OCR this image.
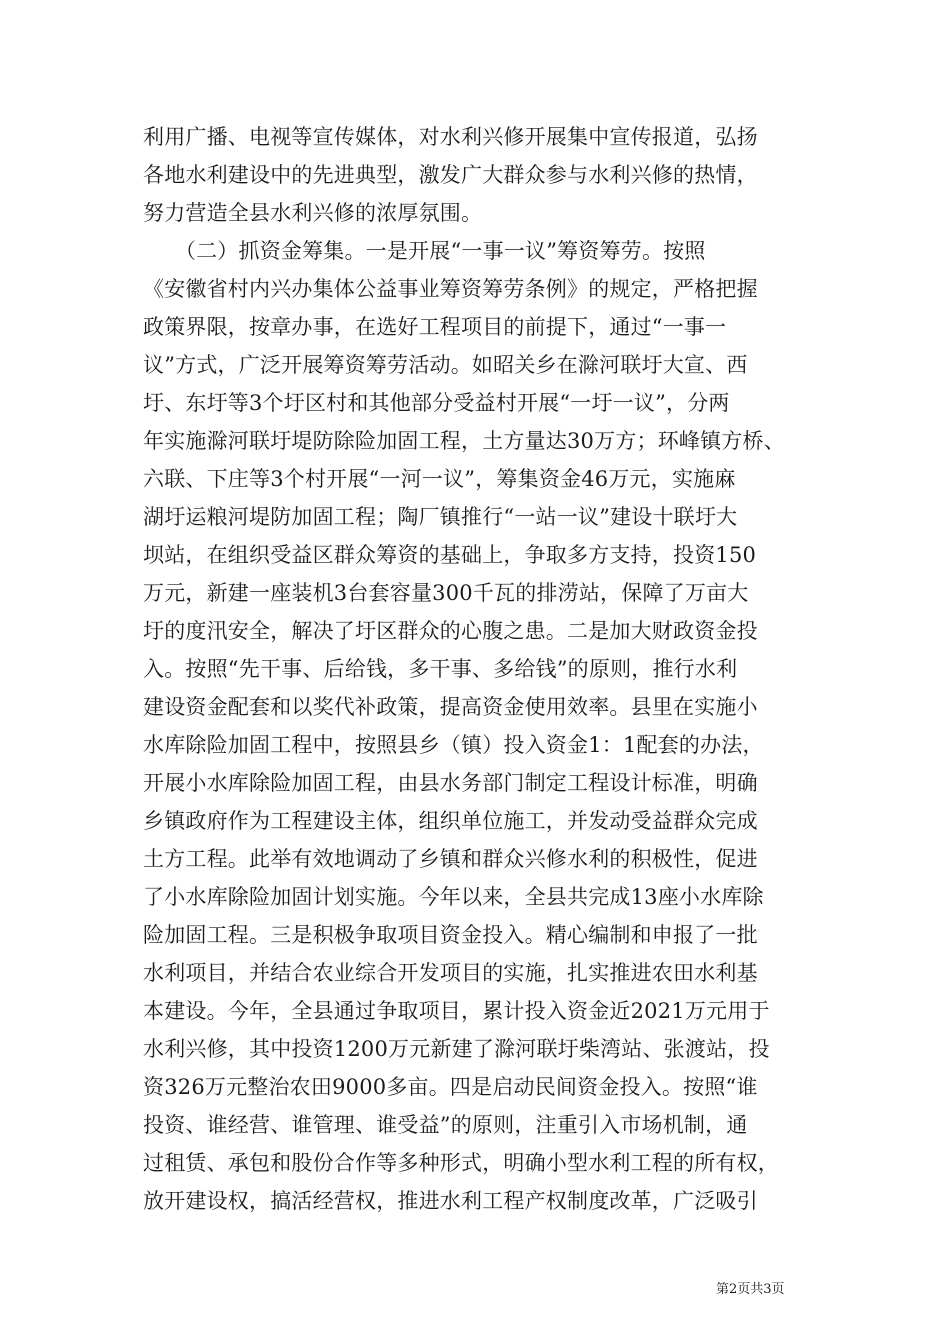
利用广播、电视等宣传媒体，对水利兴修开展集中宣传报道，弘扬
各地水利建设中的先进典型，激发广大群众参与水利兴修的热情，
努力营造全县水利兴修的浓厚氛围。
　　（二）抓资金筹集。一是开展“一事一议”筹资筹劳。按照
《安徽省村内兴办集体公益事业筹资筹劳条例》的规定，严格把握
政策界限，按章办事，在选好工程项目的前提下，通过“一事一
议”方式，广泛开展筹资筹劳活动。如昭关乡在滁河联圩大宣、西
圩、东圩等3个圩区村和其他部分受益村开展“一圩一议”，分两
年实施滁河联圩堤防除险加固工程，土方量达30万方；环峰镇方桥、
六联、下庄等3个村开展“一河一议”，筹集资金46万元，实施麻
湖圩运粮河堤防加固工程；陶厂镇推行“一站一议”建设十联圩大
坝站，在组织受益区群众筹资的基础上，争取多方支持，投资150
万元，新建一座装机3台套容量300千瓦的排涝站，保障了万亩大
圩的度汛安全，解决了圩区群众的心腹之患。二是加大财政资金投
入。按照“先干事、后给钱，多干事、多给钱”的原则，推行水利
建设资金配套和以奖代补政策，提高资金使用效率。县里在实施小
水库除险加固工程中，按照县乡（镇）投入资金1：1配套的办法，
开展小水库除险加固工程，由县水务部门制定工程设计标准，明确
乡镇政府作为工程建设主体，组织单位施工，并发动受益群众完成
土方工程。此举有效地调动了乡镇和群众兴修水利的积极性，促进
了小水库除险加固计划实施。今年以来，全县共完成13座小水库除
险加固工程。三是积极争取项目资金投入。精心编制和申报了一批
水利项目，并结合农业综合开发项目的实施，扎实推进农田水利基
本建设。今年，全县通过争取项目，累计投入资金近2021万元用于
水利兴修，其中投资1200万元新建了滁河联圩柴湾站、张渡站，投
资326万元整治农田9000多亩。四是启动民间资金投入。按照“谁
投资、谁经营、谁管理、谁受益”的原则，注重引入市场机制，通
过租赁、承包和股份合作等多种形式，明确小型水利工程的所有权，
放开建设权，搞活经营权，推进水利工程产权制度改革，广泛吸引
第2页共3页
